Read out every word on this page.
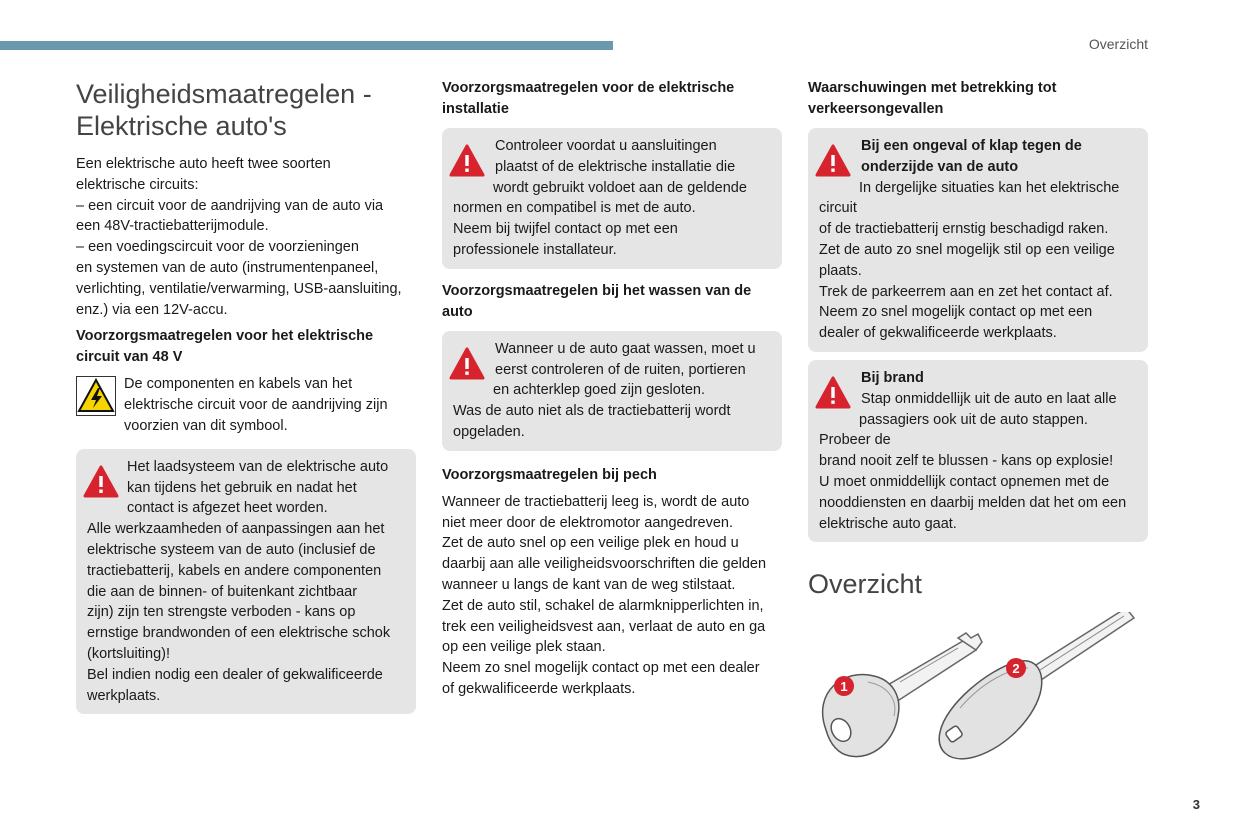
Overzicht
Veiligheidsmaatregelen -
Elektrische auto's
Een elektrische auto heeft twee soorten
elektrische circuits:
– een circuit voor de aandrijving van de auto via
een 48V-tractiebatterijmodule.
– een voedingscircuit voor de voorzieningen
en systemen van de auto (instrumentenpaneel,
verlichting, ventilatie/verwarming, USB-aansluiting,
enz.) via een 12V-accu.
Voorzorgsmaatregelen voor het elektrische circuit van 48 V
De componenten en kabels van het
elektrische circuit voor de aandrijving zijn
voorzien van dit symbool.
Het laadsysteem van de elektrische auto
kan tijdens het gebruik en nadat het
contact is afgezet heet worden.
Alle werkzaamheden of aanpassingen aan het
elektrische systeem van de auto (inclusief de
tractiebatterij, kabels en andere componenten
die aan de binnen- of buitenkant zichtbaar
zijn) zijn ten strengste verboden - kans op
ernstige brandwonden of een elektrische schok
(kortsluiting)!
Bel indien nodig een dealer of gekwalificeerde
werkplaats.
Voorzorgsmaatregelen voor de elektrische installatie
Controleer voordat u aansluitingen
plaatst of de elektrische installatie die
wordt gebruikt voldoet aan de geldende
normen en compatibel is met de auto.
Neem bij twijfel contact op met een
professionele installateur.
Voorzorgsmaatregelen bij het wassen van de auto
Wanneer u de auto gaat wassen, moet u
eerst controleren of de ruiten, portieren
en achterklep goed zijn gesloten.
Was de auto niet als de tractiebatterij wordt
opgeladen.
Voorzorgsmaatregelen bij pech
Wanneer de tractiebatterij leeg is, wordt de auto
niet meer door de elektromotor aangedreven.
Zet de auto snel op een veilige plek en houd u
daarbij aan alle veiligheidsvoorschriften die gelden
wanneer u langs de kant van de weg stilstaat.
Zet de auto stil, schakel de alarmknipperlichten in,
trek een veiligheidsvest aan, verlaat de auto en ga
op een veilige plek staan.
Neem zo snel mogelijk contact op met een dealer
of gekwalificeerde werkplaats.
Waarschuwingen met betrekking tot verkeersongevallen
Bij een ongeval of klap tegen de
onderzijde van de auto
In dergelijke situaties kan het elektrische circuit
of de tractiebatterij ernstig beschadigd raken.
Zet de auto zo snel mogelijk stil op een veilige
plaats.
Trek de parkeerrem aan en zet het contact af.
Neem zo snel mogelijk contact op met een
dealer of gekwalificeerde werkplaats.
Bij brand
Stap onmiddellijk uit de auto en laat alle
passagiers ook uit de auto stappen. Probeer de
brand nooit zelf te blussen - kans op explosie!
U moet onmiddellijk contact opnemen met de
nooddiensten en daarbij melden dat het om een
elektrische auto gaat.
Overzicht
1
2
3
